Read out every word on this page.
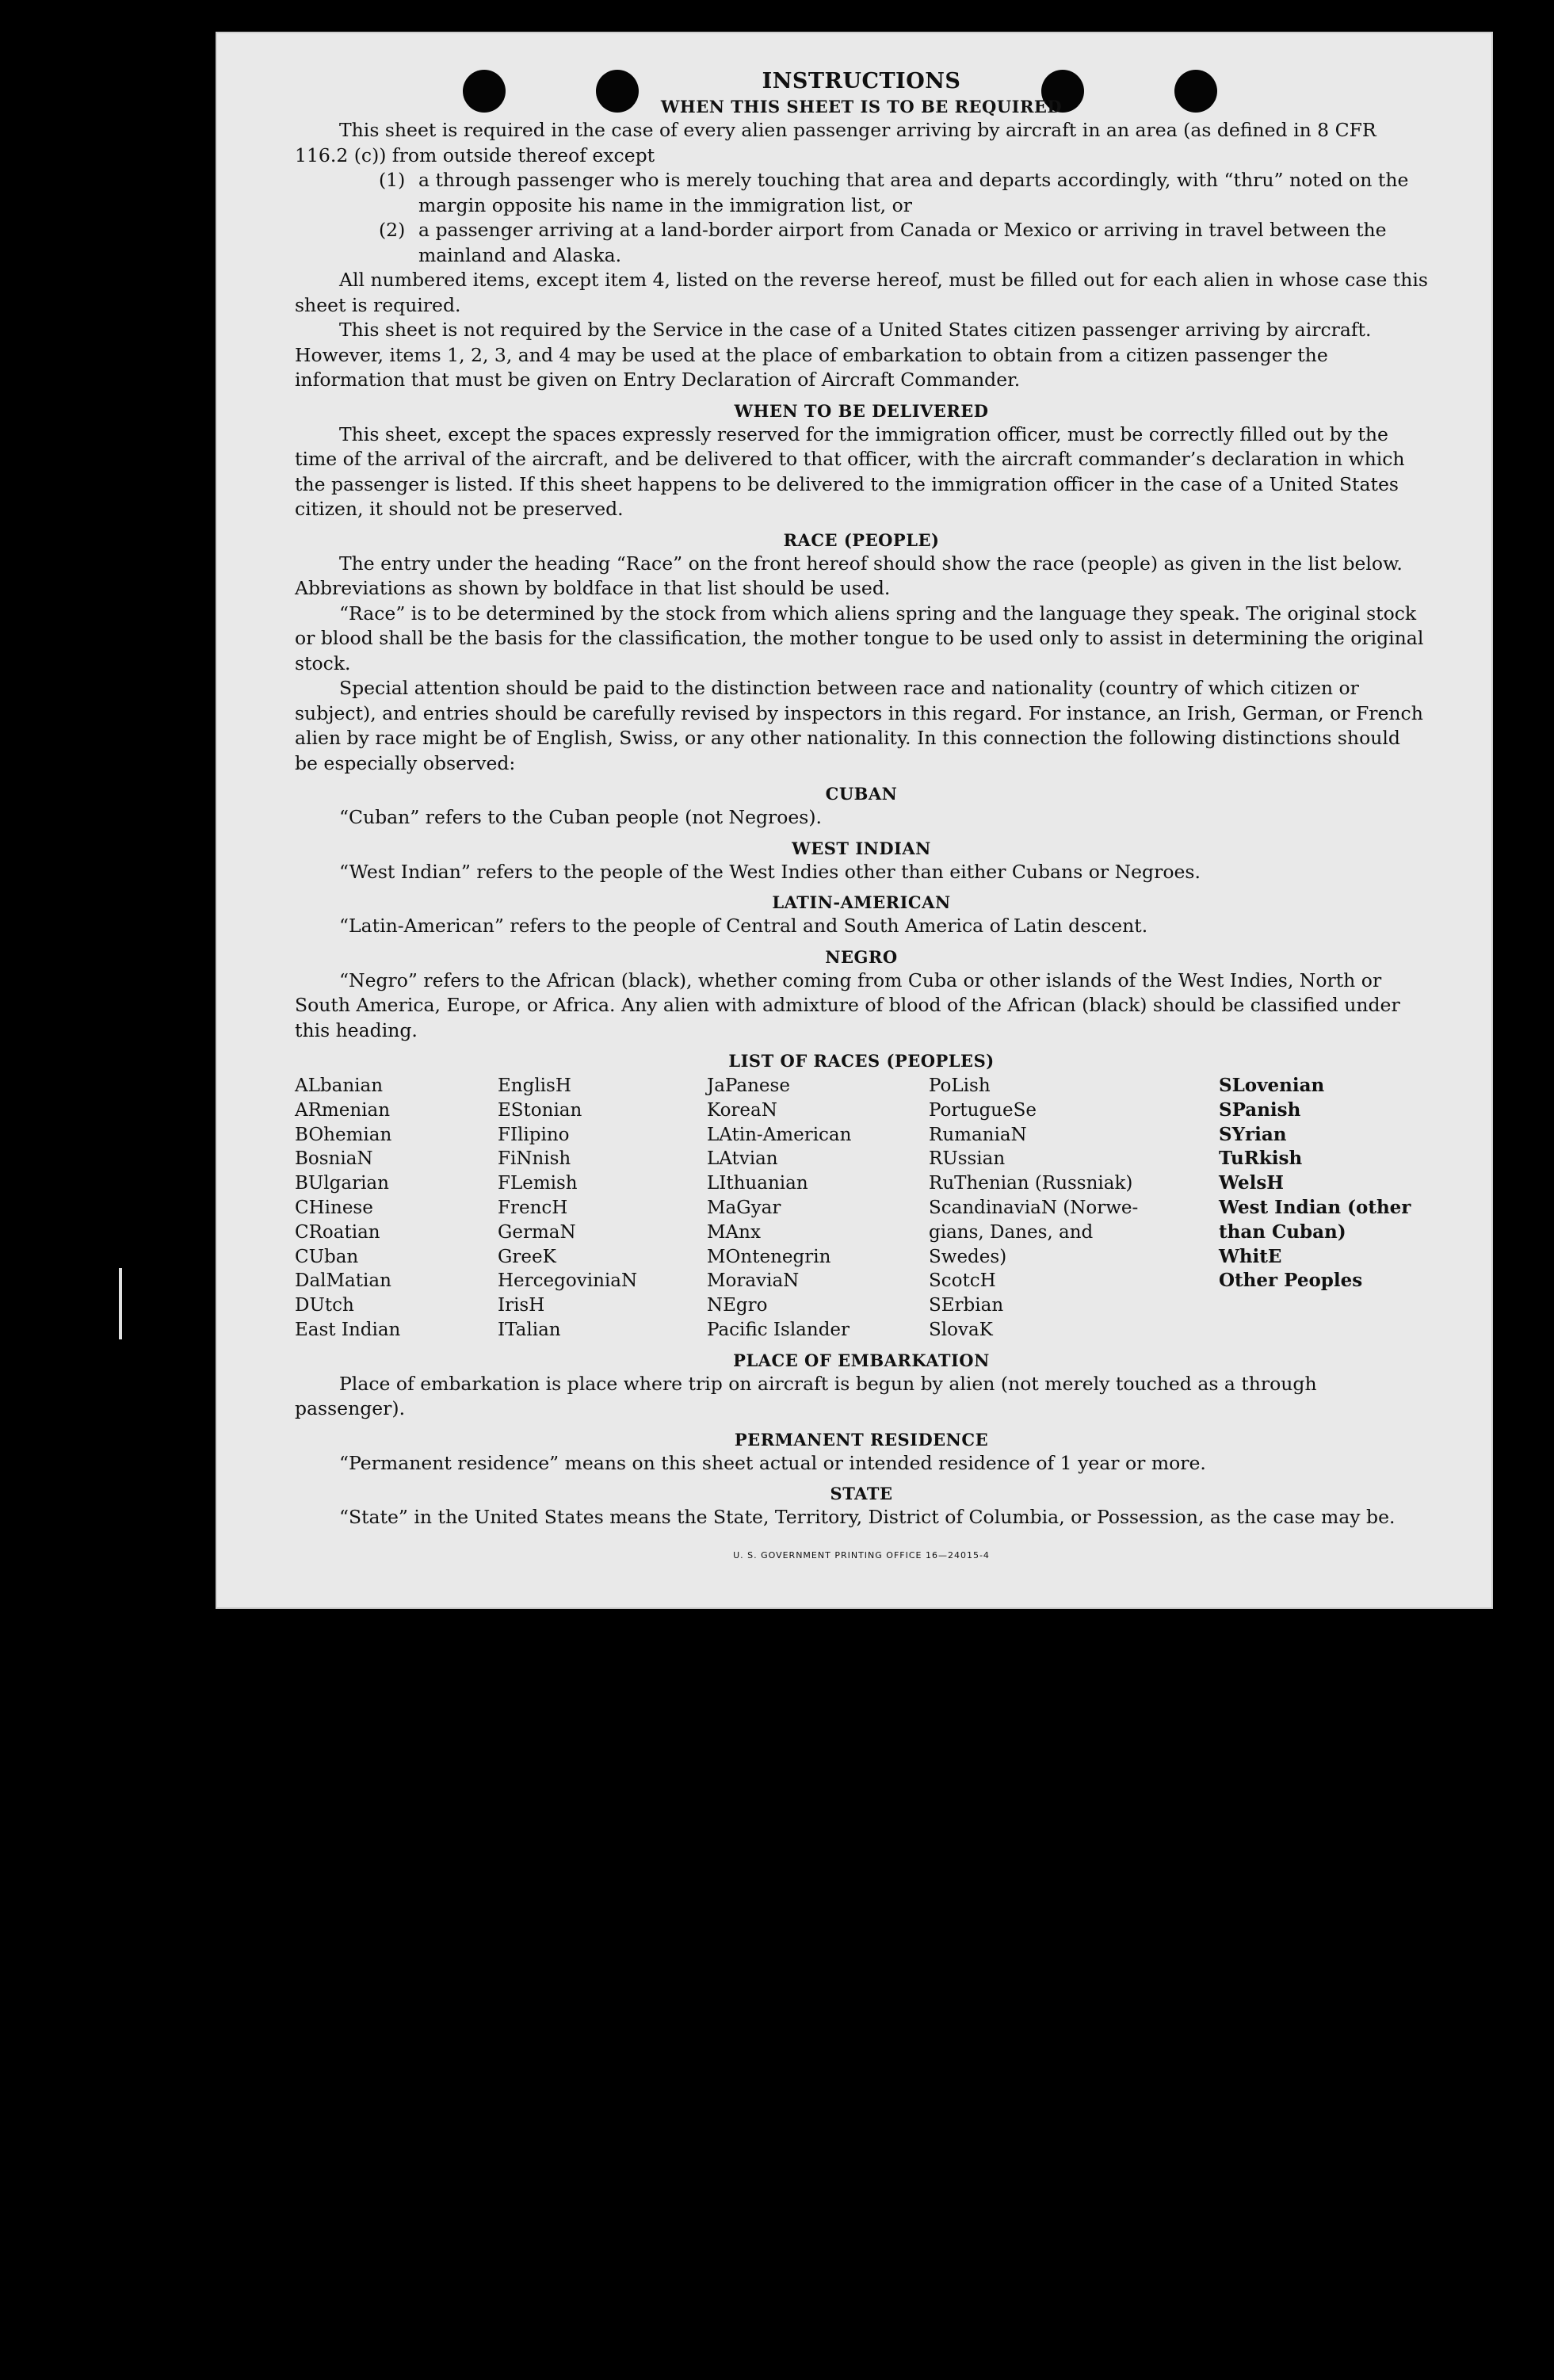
INSTRUCTIONS
WHEN THIS SHEET IS TO BE REQUIRED

This sheet is required in the case of every alien passenger arriving by aircraft in an area (as defined in 8 CFR 116.2 (c)) from outside thereof except

(1) a through passenger who is merely touching that area and departs accordingly, with “thru” noted on the margin opposite his name in the immigration list, or
(2) a passenger arriving at a land-border airport from Canada or Mexico or arriving in travel between the mainland and Alaska.

All numbered items, except item 4, listed on the reverse hereof, must be filled out for each alien in whose case this sheet is required.

This sheet is not required by the Service in the case of a United States citizen passenger arriving by aircraft. However, items 1, 2, 3, and 4 may be used at the place of embarkation to obtain from a citizen passenger the information that must be given on Entry Declaration of Aircraft Commander.

WHEN TO BE DELIVERED

This sheet, except the spaces expressly reserved for the immigration officer, must be correctly filled out by the time of the arrival of the aircraft, and be delivered to that officer, with the aircraft commander’s declaration in which the passenger is listed. If this sheet happens to be delivered to the immigration officer in the case of a United States citizen, it should not be preserved.

RACE (PEOPLE)

The entry under the heading “Race” on the front hereof should show the race (people) as given in the list below. Abbreviations as shown by boldface in that list should be used.

“Race” is to be determined by the stock from which aliens spring and the language they speak. The original stock or blood shall be the basis for the classification, the mother tongue to be used only to assist in determining the original stock.

Special attention should be paid to the distinction between race and nationality (country of which citizen or subject), and entries should be carefully revised by inspectors in this regard. For instance, an Irish, German, or French alien by race might be of English, Swiss, or any other nationality. In this connection the following distinctions should be especially observed:

CUBAN

“Cuban” refers to the Cuban people (not Negroes).

WEST INDIAN

“West Indian” refers to the people of the West Indies other than either Cubans or Negroes.

LATIN-AMERICAN

“Latin-American” refers to the people of Central and South America of Latin descent.

NEGRO

“Negro” refers to the African (black), whether coming from Cuba or other islands of the West Indies, North or South America, Europe, or Africa. Any alien with admixture of blood of the African (black) should be classified under this heading.

LIST OF RACES (PEOPLES)
ALbanian
ARmenian
BOhemian
BosniaN
BUlgarian
CHinese
CRoatian
CUban
DalMatian
DUtch
East Indian
EnglisH
EStonian
FIlipino
FiNnish
FLemish
FrencH
GermaN
GreeK
HercegoviniaN
IrisH
ITalian
JaPanese
KoreaN
LAtin-American
LAtvian
LIthuanian
MaGyar
MAnx
MOntenegrin
MoraviaN
NEgro
Pacific Islander
PoLish
PortugueSe
RumaniaN
RUssian
RuThenian (Russniak)
ScandinaviaN (Norwe-
gians, Danes, and
Swedes)
ScotcH
SErbian
SlovaK
SLovenian
SPanish
SYrian
TuRkish
WelsH
West Indian (other
than Cuban)
WhitE
Other Peoples
PLACE OF EMBARKATION

Place of embarkation is place where trip on aircraft is begun by alien (not merely touched as a through passenger).

PERMANENT RESIDENCE

“Permanent residence” means on this sheet actual or intended residence of 1 year or more.

STATE

“State” in the United States means the State, Territory, District of Columbia, or Possession, as the case may be.

U. S. GOVERNMENT PRINTING OFFICE 16—24015-4
